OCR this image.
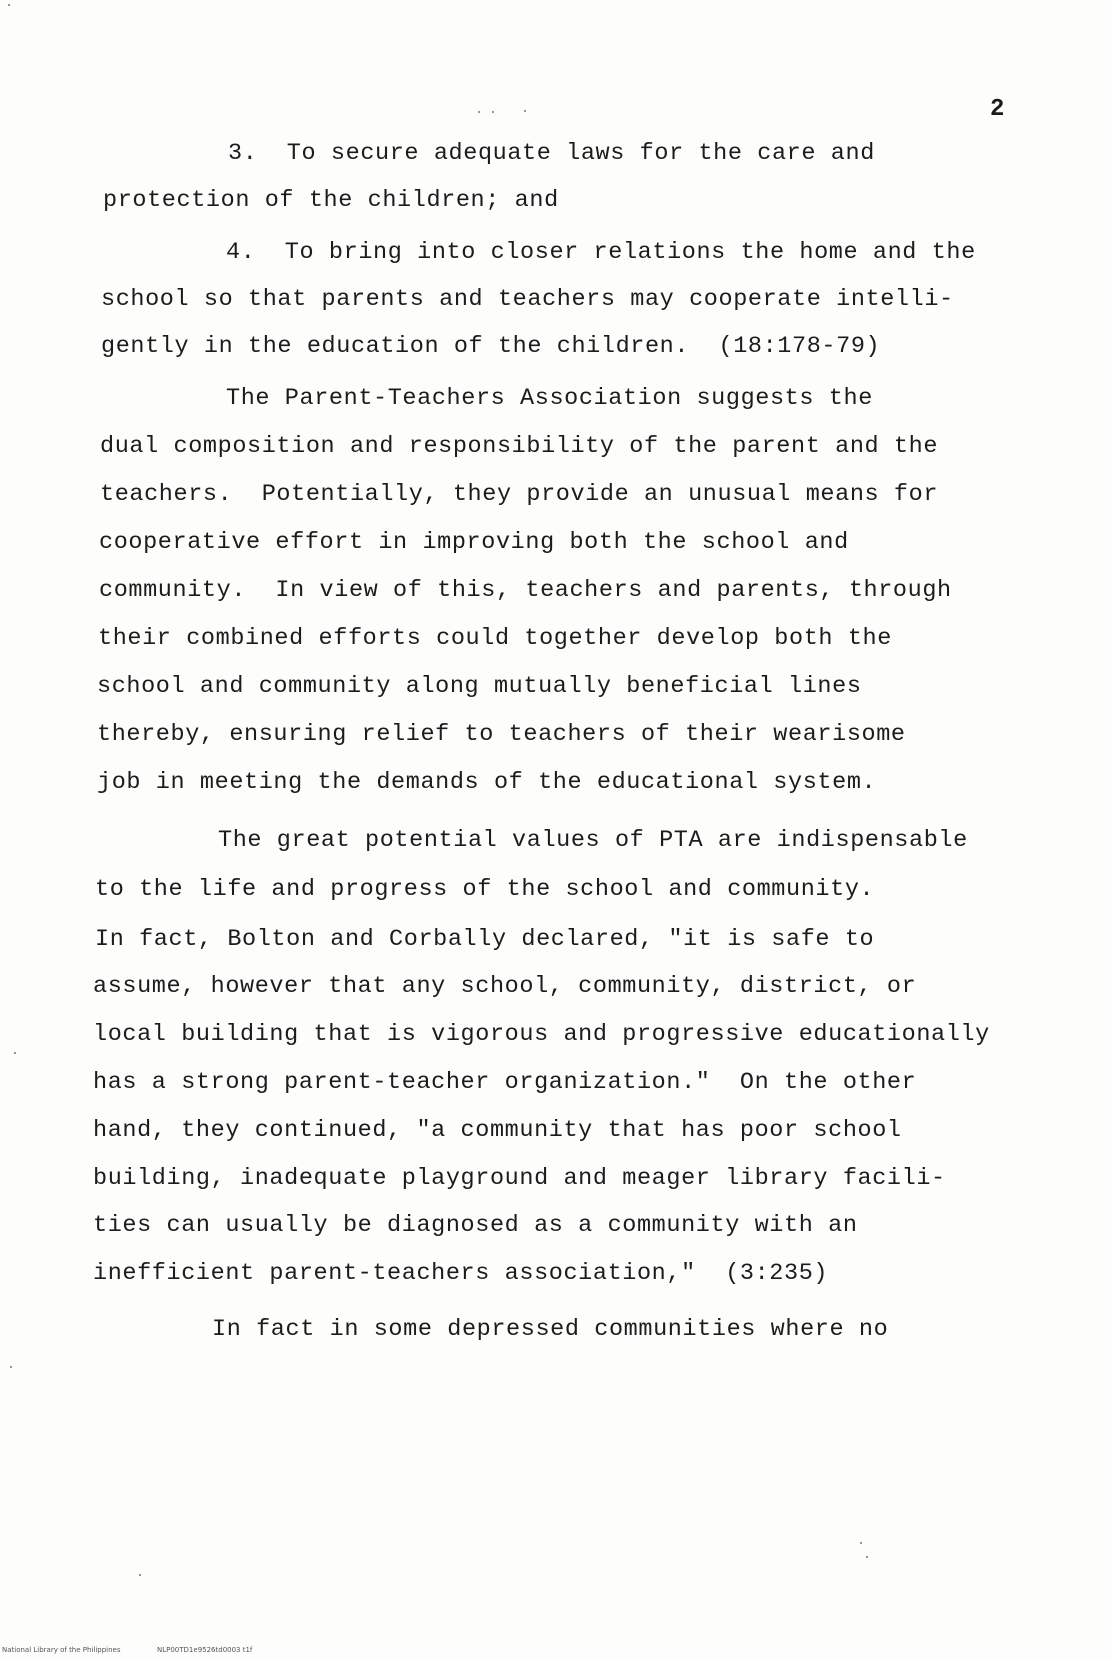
2
3.  To secure adequate laws for the care and
protection of the children; and
4.  To bring into closer relations the home and the
school so that parents and teachers may cooperate intelli-
gently in the education of the children.  (18:178-79)
The Parent-Teachers Association suggests the
dual composition and responsibility of the parent and the
teachers.  Potentially, they provide an unusual means for
cooperative effort in improving both the school and
community.  In view of this, teachers and parents, through
their combined efforts could together develop both the
school and community along mutually beneficial lines
thereby, ensuring relief to teachers of their wearisome
job in meeting the demands of the educational system.
The great potential values of PTA are indispensable
to the life and progress of the school and community.
In fact, Bolton and Corbally declared, "it is safe to
assume, however that any school, community, district, or
local building that is vigorous and progressive educationally
has a strong parent-teacher organization."  On the other
hand, they continued, "a community that has poor school
building, inadequate playground and meager library facili-
ties can usually be diagnosed as a community with an
inefficient parent-teachers association,"  (3:235)
In fact in some depressed communities where no
National Library of the Philippines	NLP00TD1e9526td0003 t1f
